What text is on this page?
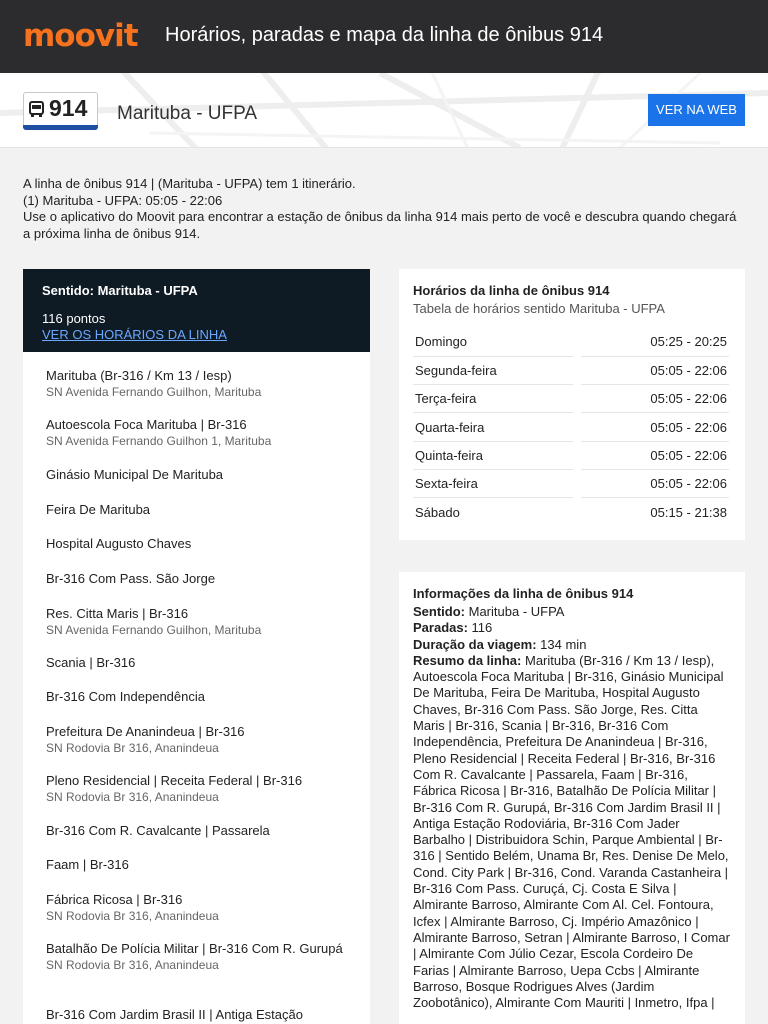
moovit Horários, paradas e mapa da linha de ônibus 914
914 Marituba - UFPA	VER NA WEB
A linha de ônibus 914 | (Marituba - UFPA) tem 1 itinerário.
(1) Marituba - UFPA: 05:05 - 22:06
Use o aplicativo do Moovit para encontrar a estação de ônibus da linha 914 mais perto de você e descubra quando chegará a próxima linha de ônibus 914.
Sentido: Marituba - UFPA
116 pontos
VER OS HORÁRIOS DA LINHA
Marituba (Br-316 / Km 13 / Iesp)
SN Avenida Fernando Guilhon, Marituba
Autoescola Foca Marituba | Br-316
SN Avenida Fernando Guilhon 1, Marituba
Ginásio Municipal De Marituba
Feira De Marituba
Hospital Augusto Chaves
Br-316 Com Pass. São Jorge
Res. Citta Maris | Br-316
SN Avenida Fernando Guilhon, Marituba
Scania | Br-316
Br-316 Com Independência
Prefeitura De Ananindeua | Br-316
SN Rodovia Br 316, Ananindeua
Pleno Residencial | Receita Federal | Br-316
SN Rodovia Br 316, Ananindeua
Br-316 Com R. Cavalcante | Passarela
Faam | Br-316
Fábrica Ricosa | Br-316
SN Rodovia Br 316, Ananindeua
Batalhão De Polícia Militar | Br-316 Com R. Gurupá
SN Rodovia Br 316, Ananindeua
Br-316 Com Jardim Brasil II | Antiga Estação
Horários da linha de ônibus 914
Tabela de horários sentido Marituba - UFPA
Domingo		05:25 - 20:25
Segunda-feira		05:05 - 22:06
Terça-feira		05:05 - 22:06
Quarta-feira		05:05 - 22:06
Quinta-feira		05:05 - 22:06
Sexta-feira		05:05 - 22:06
Sábado		05:15 - 21:38
Informações da linha de ônibus 914
Sentido: Marituba - UFPA
Paradas: 116
Duração da viagem: 134 min
Resumo da linha: Marituba (Br-316 / Km 13 / Iesp), Autoescola Foca Marituba | Br-316, Ginásio Municipal De Marituba, Feira De Marituba, Hospital Augusto Chaves, Br-316 Com Pass. São Jorge, Res. Citta Maris | Br-316, Scania | Br-316, Br-316 Com Independência, Prefeitura De Ananindeua | Br-316, Pleno Residencial | Receita Federal | Br-316, Br-316 Com R. Cavalcante | Passarela, Faam | Br-316, Fábrica Ricosa | Br-316, Batalhão De Polícia Militar | Br-316 Com R. Gurupá, Br-316 Com Jardim Brasil II | Antiga Estação Rodoviária, Br-316 Com Jader Barbalho | Distribuidora Schin, Parque Ambiental | Br-316 | Sentido Belém, Unama Br, Res. Denise De Melo, Cond. City Park | Br-316, Cond. Varanda Castanheira | Br-316 Com Pass. Curuçá, Cj. Costa E Silva | Almirante Barroso, Almirante Com Al. Cel. Fontoura, Icfex | Almirante Barroso, Cj. Império Amazônico | Almirante Barroso, Setran | Almirante Barroso, I Comar | Almirante Com Júlio Cezar, Escola Cordeiro De Farias | Almirante Barroso, Uepa Ccbs | Almirante Barroso, Bosque Rodrigues Alves (Jardim Zoobotânico), Almirante Com Mauriti | Inmetro, Ifpa |
